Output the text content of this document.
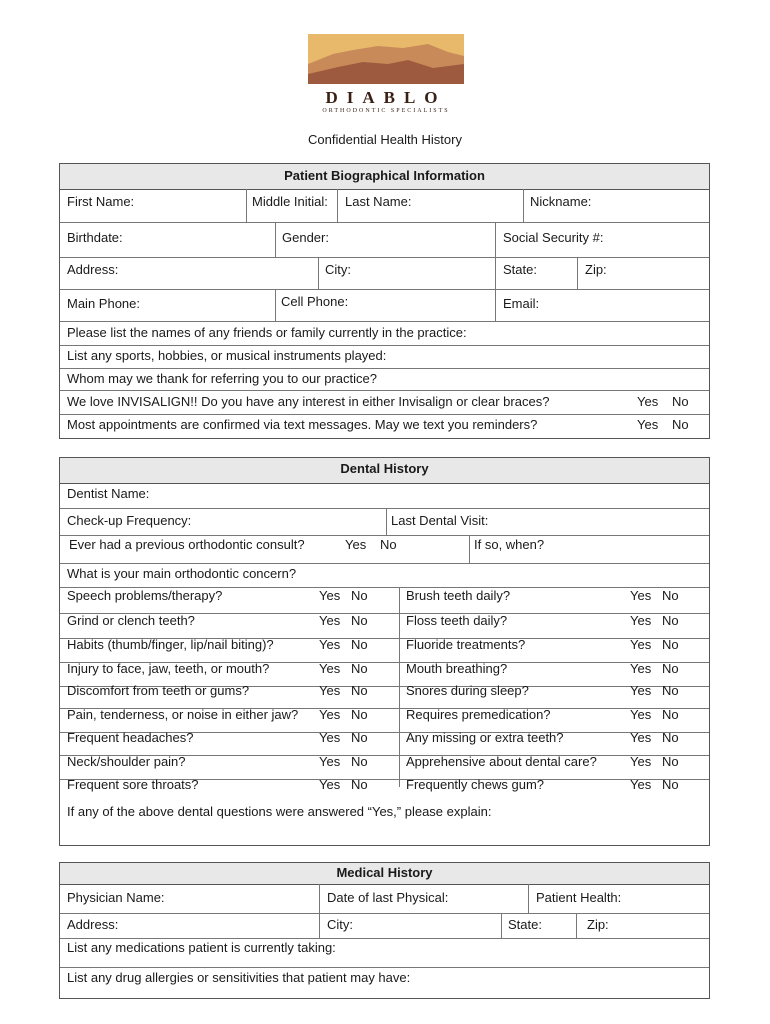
DIABLO
ORTHODONTIC SPECIALISTS
Confidential Health History
Patient Biographical Information
First Name:	Middle Initial: Last Name:	Nickname:
Birthdate:	Gender:	Social Security #:
Address:	City:	State:	Zip:
Main Phone:	Cell Phone:	Email:
Please list the names of any friends or family currently in the practice:
List any sports, hobbies, or musical instruments played:
Whom may we thank for referring you to our practice?
We love INVISALIGN!! Do you have any interest in either Invisalign or clear braces?	Yes No
Most appointments are confirmed via text messages. May we text you reminders?	Yes No
Dental History
Dentist Name:
Check-up Frequency:	Last Dental Visit:
Ever had a previous orthodontic consult?	Yes No	If so, when?
What is your main orthodontic concern?
Speech problems/therapy?	Yes No	Brush teeth daily?	Yes No
Grind or clench teeth?	Yes No	Floss teeth daily?	Yes No
Habits (thumb/finger, lip/nail biting)?	Yes No	Fluoride treatments?	Yes No
Injury to face, jaw, teeth, or mouth?	Yes No	Mouth breathing?	Yes No
Discomfort from teeth or gums?	Yes No	Snores during sleep?	Yes No
Pain, tenderness, or noise in either jaw? Yes No	Requires premedication?	Yes No
Frequent headaches?	Yes No	Any missing or extra teeth?	Yes No
Neck/shoulder pain?	Yes No	Apprehensive about dental care?	Yes No
Frequent sore throats?	Yes No	Frequently chews gum?	Yes No
If any of the above dental questions were answered “Yes,” please explain:
Medical History
Physician Name:	Date of last Physical:	Patient Health:
Address:	City:	State:	Zip:
List any medications patient is currently taking:
List any drug allergies or sensitivities that patient may have:
